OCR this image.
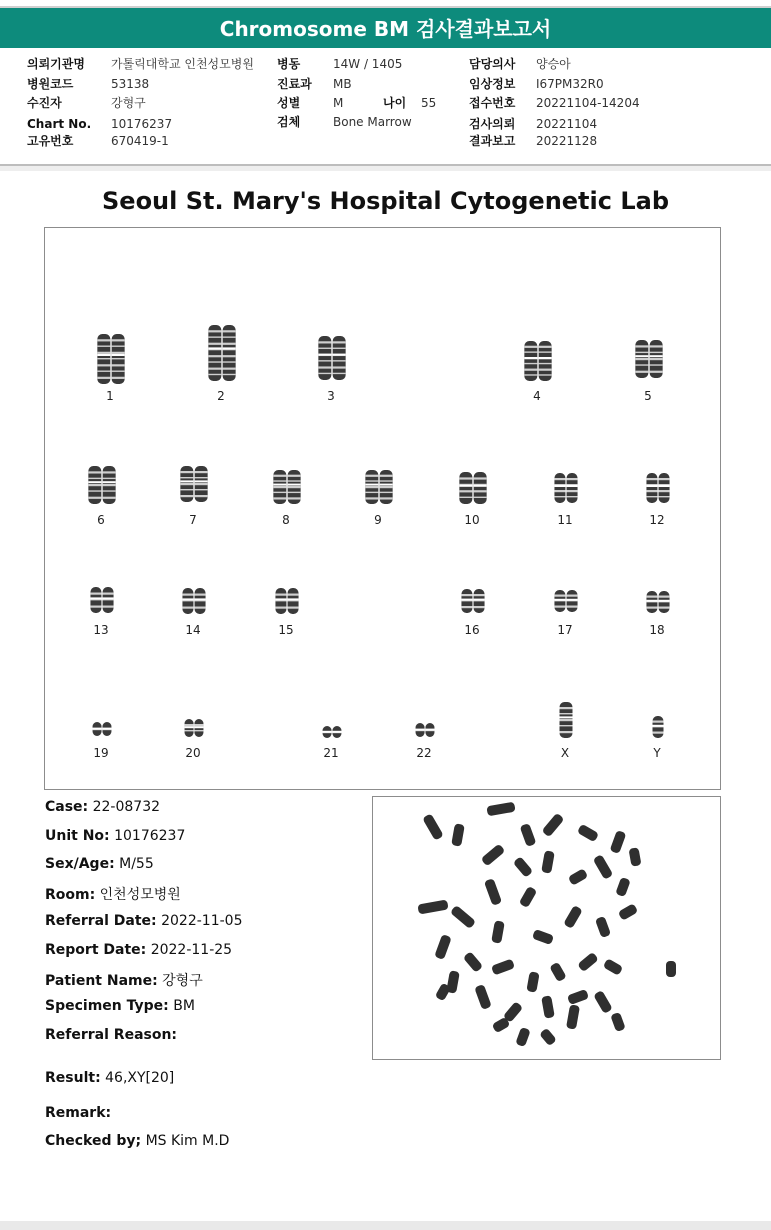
Chromosome BM 검사결과보고서
의뢰기관명 가톨릭대학교 인천성모병원
병원코드	53138
수진자	강형구
Chart No. 10176237
고유번호	670419-1
병동	14W / 1405
진료과 MB
성별	M	나이 55
검체	Bone Marrow
담당의사 양승아
임상정보 I67PM32R0
접수번호 20221104-14204
검사의뢰 20221104
결과보고 20221128
Seoul St. Mary's Hospital Cytogenetic Lab
1	2	3	4	5
6	7	8	9	10	11	12
13	14	15	16	17	18
19	20	21	22	X	Y
Case: 22-08732
Unit No: 10176237
Sex/Age: M/55
Room: 인천성모병원
Referral Date: 2022-11-05
Report Date: 2022-11-25
Patient Name: 강형구
Specimen Type: BM
Referral Reason:
Result: 46,XY[20]
Remark:
Checked by; MS Kim M.D
